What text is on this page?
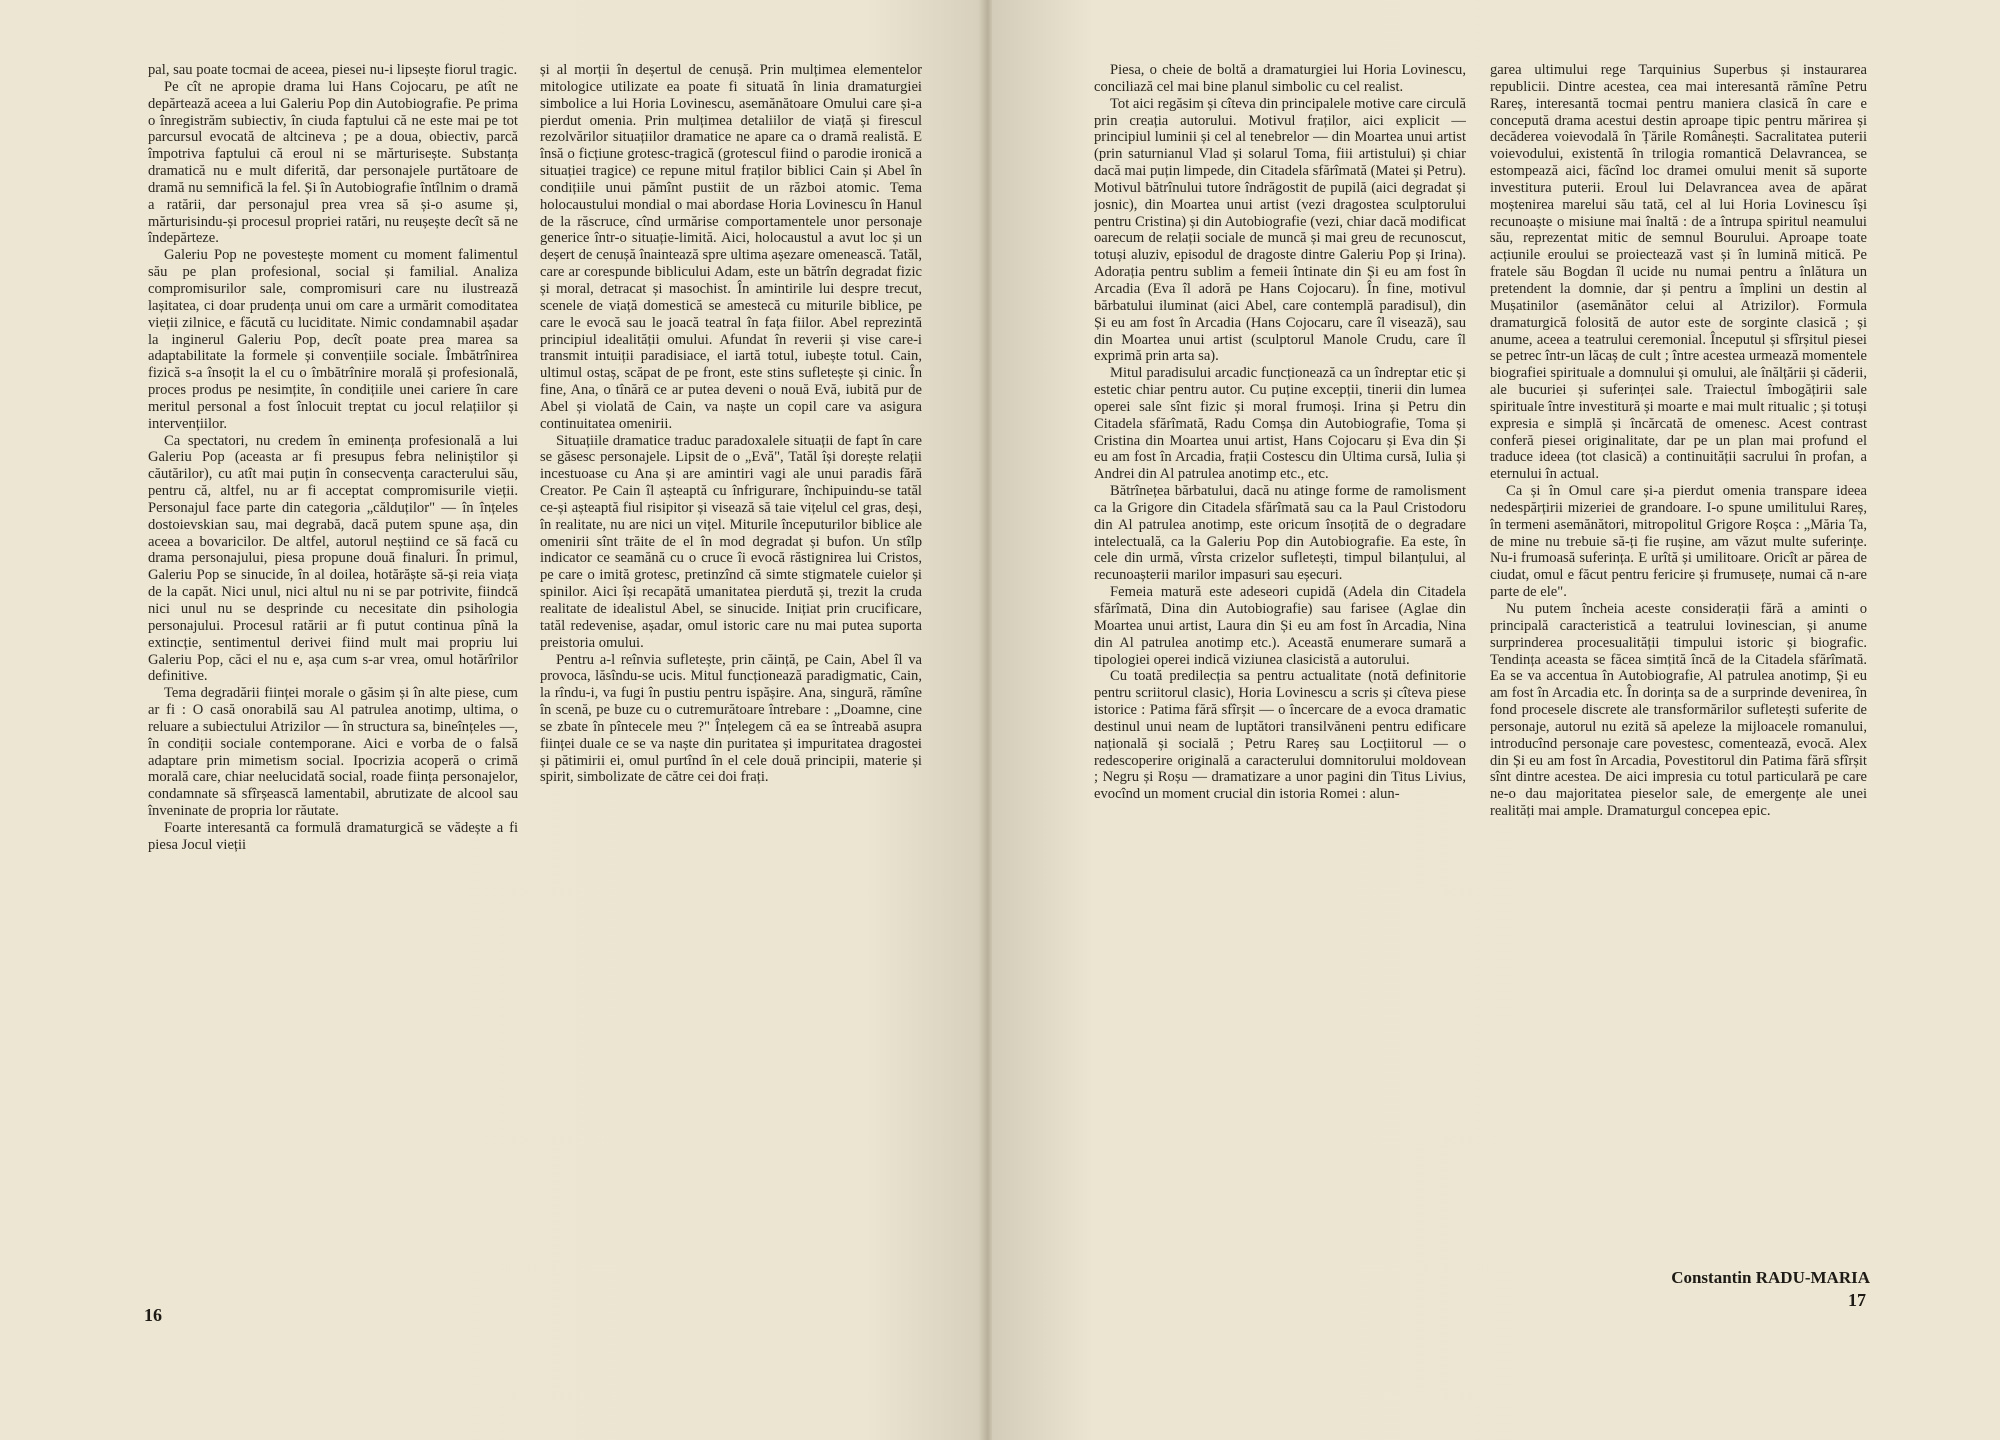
pal, sau poate tocmai de aceea, piesei nu-i lipsește fiorul tragic.

Pe cît ne apropie drama lui Hans Cojocaru, pe atît ne depărtează aceea a lui Galeriu Pop din Autobiografie. Pe prima o înregistrăm subiectiv, în ciuda faptului că ne este mai pe tot parcursul evocată de altcineva ; pe a doua, obiectiv, parcă împotriva faptului că eroul ni se mărturisește. Substanța dramatică nu e mult diferită, dar personajele purtătoare de dramă nu semnifică la fel. Și în Autobiografie întîlnim o dramă a ratării, dar personajul prea vrea să și-o asume și, mărturisindu-și procesul propriei ratări, nu reușește decît să ne îndepărteze.

Galeriu Pop ne povestește moment cu moment falimentul său pe plan profesional, social și familial. Analiza compromisurilor sale, compromisuri care nu ilustrează lașitatea, ci doar prudența unui om care a urmărit comoditatea vieții zilnice, e făcută cu luciditate. Nimic condamnabil așadar la inginerul Galeriu Pop, decît poate prea marea sa adaptabilitate la formele și convențiile sociale. Îmbătrînirea fizică s-a însoțit la el cu o îmbătrînire morală și profesională, proces produs pe nesimțite, în condițiile unei cariere în care meritul personal a fost înlocuit treptat cu jocul relațiilor și intervențiilor.

Ca spectatori, nu credem în eminența profesională a lui Galeriu Pop (aceasta ar fi presupus febra neliniștilor și căutărilor), cu atît mai puțin în consecvența caracterului său, pentru că, altfel, nu ar fi acceptat compromisurile vieții. Personajul face parte din categoria „călduților" — în înțeles dostoievskian sau, mai degrabă, dacă putem spune așa, din aceea a bovaricilor. De altfel, autorul neștiind ce să facă cu drama personajului, piesa propune două finaluri. În primul, Galeriu Pop se sinucide, în al doilea, hotărăște să-și reia viața de la capăt. Nici unul, nici altul nu ni se par potrivite, fiindcă nici unul nu se desprinde cu necesitate din psihologia personajului. Procesul ratării ar fi putut continua pînă la extincție, sentimentul derivei fiind mult mai propriu lui Galeriu Pop, căci el nu e, așa cum s-ar vrea, omul hotărîrilor definitive.

Tema degradării ființei morale o găsim și în alte piese, cum ar fi : O casă onorabilă sau Al patrulea anotimp, ultima, o reluare a subiectului Atrizilor — în structura sa, bineînțeles —, în condiții sociale contemporane. Aici e vorba de o falsă adaptare prin mimetism social. Ipocrizia acoperă o crimă morală care, chiar neelucidată social, roade ființa personajelor, condamnate să sfîrșească lamentabil, abrutizate de alcool sau înveninate de propria lor răutate.

Foarte interesantă ca formulă dramaturgică se vădește a fi piesa Jocul vieții

și al morții în deșertul de cenușă. Prin mulțimea elementelor mitologice utilizate ea poate fi situată în linia dramaturgiei simbolice a lui Horia Lovinescu, asemănătoare Omului care și-a pierdut omenia. Prin mulțimea detaliilor de viață și firescul rezolvărilor situațiilor dramatice ne apare ca o dramă realistă. E însă o ficțiune grotesc-tragică (grotescul fiind o parodie ironică a situației tragice) ce repune mitul fraților biblici Cain și Abel în condițiile unui pămînt pustiit de un război atomic. Tema holocaustului mondial o mai abordase Horia Lovinescu în Hanul de la răscruce, cînd urmărise comportamentele unor personaje generice într-o situație-limită. Aici, holocaustul a avut loc și un deșert de cenușă înaintează spre ultima așezare omenească. Tatăl, care ar corespunde biblicului Adam, este un bătrîn degradat fizic și moral, detracat și masochist. În amintirile lui despre trecut, scenele de viață domestică se amestecă cu miturile biblice, pe care le evocă sau le joacă teatral în fața fiilor. Abel reprezintă principiul idealității omului. Afundat în reverii și vise care-i transmit intuiții paradisiace, el iartă totul, iubește totul. Cain, ultimul ostaș, scăpat de pe front, este stins sufletește și cinic. În fine, Ana, o tînără ce ar putea deveni o nouă Evă, iubită pur de Abel și violată de Cain, va naște un copil care va asigura continuitatea omenirii.

Situațiile dramatice traduc paradoxalele situații de fapt în care se găsesc personajele. Lipsit de o „Evă", Tatăl își dorește relații incestuoase cu Ana și are amintiri vagi ale unui paradis fără Creator. Pe Cain îl așteaptă cu înfrigurare, închipuindu-se tatăl ce-și așteaptă fiul risipitor și visează să taie vițelul cel gras, deși, în realitate, nu are nici un vițel. Miturile începuturilor biblice ale omenirii sînt trăite de el în mod degradat și bufon. Un stîlp indicator ce seamănă cu o cruce îi evocă răstignirea lui Cristos, pe care o imită grotesc, pretinzînd că simte stigmatele cuielor și spinilor. Aici își recapătă umanitatea pierdută și, trezit la cruda realitate de idealistul Abel, se sinucide. Inițiat prin crucificare, tatăl redevenise, așadar, omul istoric care nu mai putea suporta preistoria omului.

Pentru a-l reînvia sufletește, prin căință, pe Cain, Abel îl va provoca, lăsîndu-se ucis. Mitul funcționează paradigmatic, Cain, la rîndu-i, va fugi în pustiu pentru ispășire. Ana, singură, rămîne în scenă, pe buze cu o cutremurătoare întrebare : „Doamne, cine se zbate în pîntecele meu ?" Înțelegem că ea se întreabă asupra ființei duale ce se va naște din puritatea și impuritatea dragostei și pătimirii ei, omul purtînd în el cele două principii, materie și spirit, simbolizate de către cei doi frați.

16

Piesa, o cheie de boltă a dramaturgiei lui Horia Lovinescu, conciliază cel mai bine planul simbolic cu cel realist.

Tot aici regăsim și cîteva din principalele motive care circulă prin creația autorului. Motivul fraților, aici explicit — principiul luminii și cel al tenebrelor — din Moartea unui artist (prin saturnianul Vlad și solarul Toma, fiii artistului) și chiar dacă mai puțin limpede, din Citadela sfărîmată (Matei și Petru). Motivul bătrînului tutore îndrăgostit de pupilă (aici degradat și josnic), din Moartea unui artist (vezi dragostea sculptorului pentru Cristina) și din Autobiografie (vezi, chiar dacă modificat oarecum de relații sociale de muncă și mai greu de recunoscut, totuși aluziv, episodul de dragoste dintre Galeriu Pop și Irina). Adorația pentru sublim a femeii întinate din Și eu am fost în Arcadia (Eva îl adoră pe Hans Cojocaru). În fine, motivul bărbatului iluminat (aici Abel, care contemplă paradisul), din Și eu am fost în Arcadia (Hans Cojocaru, care îl visează), sau din Moartea unui artist (sculptorul Manole Crudu, care îl exprimă prin arta sa).

Mitul paradisului arcadic funcționează ca un îndreptar etic și estetic chiar pentru autor. Cu puține excepții, tinerii din lumea operei sale sînt fizic și moral frumoși. Irina și Petru din Citadela sfărîmată, Radu Comșa din Autobiografie, Toma și Cristina din Moartea unui artist, Hans Cojocaru și Eva din Și eu am fost în Arcadia, frații Costescu din Ultima cursă, Iulia și Andrei din Al patrulea anotimp etc., etc.

Bătrînețea bărbatului, dacă nu atinge forme de ramolisment ca la Grigore din Citadela sfărîmată sau ca la Paul Cristodoru din Al patrulea anotimp, este oricum însoțită de o degradare intelectuală, ca la Galeriu Pop din Autobiografie. Ea este, în cele din urmă, vîrsta crizelor sufletești, timpul bilanțului, al recunoașterii marilor impasuri sau eșecuri.

Femeia matură este adeseori cupidă (Adela din Citadela sfărîmată, Dina din Autobiografie) sau fariseе (Aglae din Moartea unui artist, Laura din Și eu am fost în Arcadia, Nina din Al patrulea anotimp etc.). Această enumerare sumară a tipologiei operei indică viziunea clasicistă a autorului.

Cu toată predilecția sa pentru actualitate (notă definitorie pentru scriitorul clasic), Horia Lovinescu a scris și cîteva piese istorice : Patima fără sfîrșit — o încercare de a evoca dramatic destinul unui neam de luptători transilvăneni pentru edificare națională și socială ; Petru Rareș sau Locțiitorul — o redescoperire originală a caracterului domnitorului moldovean ; Negru și Roșu — dramatizare a unor pagini din Titus Livius, evocînd un moment crucial din istoria Romei : alun-

garea ultimului rege Tarquinius Superbus și instaurarea republicii. Dintre acestea, cea mai interesantă rămîne Petru Rareș, interesantă tocmai pentru maniera clasică în care e concepută drama acestui destin aproape tipic pentru mărirea și decăderea voievodală în Țările Românești. Sacralitatea puterii voievodului, existentă în trilogia romantică Delavrancea, se estompează aici, făcînd loc dramei omului menit să suporte investitura puterii. Eroul lui Delavrancea avea de apărat moștenirea marelui său tată, cel al lui Horia Lovinescu își recunoaște o misiune mai înaltă : de a întrupa spiritul neamului său, reprezentat mitic de semnul Bourului. Aproape toate acțiunile eroului se proiectează vast și în lumină mitică. Pe fratele său Bogdan îl ucide nu numai pentru a înlătura un pretendent la domnie, dar și pentru a împlini un destin al Mușatinilor (asemănător celui al Atrizilor). Formula dramaturgică folosită de autor este de sorginte clasică ; și anume, aceea a teatrului ceremonial. Începutul și sfîrșitul piesei se petrec într-un lăcaș de cult ; între acestea urmează momentele biografiei spirituale a domnului și omului, ale înălțării și căderii, ale bucuriei și suferinței sale. Traiectul îmbogățirii sale spirituale între investitură și moarte e mai mult ritualic ; și totuși expresia e simplă și încărcată de omenesc. Acest contrast conferă piesei originalitate, dar pe un plan mai profund el traduce ideea (tot clasică) a continuității sacrului în profan, a eternului în actual.

Ca și în Omul care și-a pierdut omenia transpare ideea nedespărțirii mizeriei de grandoare. I-o spune umilitului Rareș, în termeni asemănători, mitropolitul Grigore Roșca : „Măria Ta, de mine nu trebuie să-ți fie rușine, am văzut multe suferințe. Nu-i frumoasă suferința. E urîtă și umilitoare. Oricît ar părea de ciudat, omul e făcut pentru fericire și frumusețe, numai că n-are parte de ele".

Nu putem încheia aceste considerații fără a aminti o principală caracteristică a teatrului lovinescian, și anume surprinderea procesualității timpului istoric și biografic. Tendința aceasta se făcea simțită încă de la Citadela sfărîmată. Ea se va accentua în Autobiografie, Al patrulea anotimp, Și eu am fost în Arcadia etc. În dorința sa de a surprinde devenirea, în fond procesele discrete ale transformărilor sufletești suferite de personaje, autorul nu ezită să apeleze la mijloacele romanului, introducînd personaje care povestesc, comentează, evocă. Alex din Și eu am fost în Arcadia, Povestitorul din Patima fără sfîrșit sînt dintre acestea. De aici impresia cu totul particulară pe care ne-o dau majoritatea pieselor sale, de emergențe ale unei realități mai ample. Dramaturgul concepea epic.

Constantin RADU-MARIA
17
